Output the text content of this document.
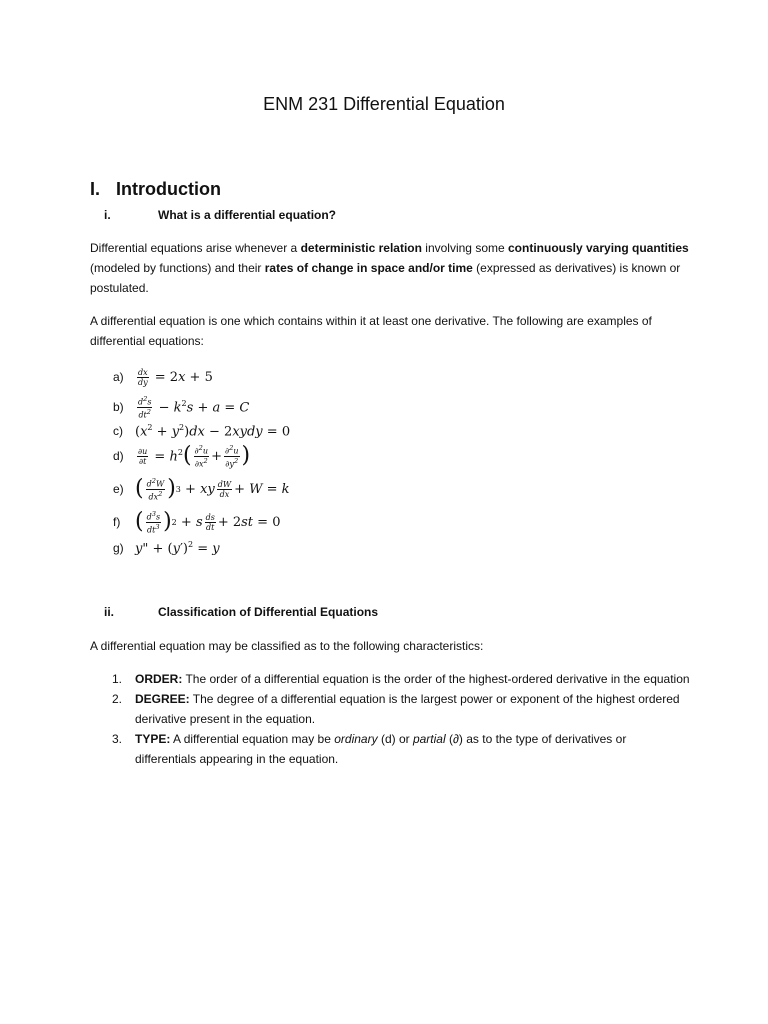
ENM 231 Differential Equation
I. Introduction
i.	What is a differential equation?
Differential equations arise whenever a deterministic relation involving some continuously varying quantities (modeled by functions) and their rates of change in space and/or time (expressed as derivatives) is known or postulated.
A differential equation is one which contains within it at least one derivative. The following are examples of differential equations:
a)	$\frac{dx}{dy} = 2x + 5$
b)	$\frac{d^2s}{dt^2} - k^2s + a = C$
c) $(x^2 + y^2)dx$ − 2xydy = 0
d)	$\frac{\partial u}{\partial t} = h^2$ ( $\frac{\partial^2u}{\partial x^2} + \frac{\partial^2u}{\partial y^2}$ )
e) ( $\frac{d^2W}{dx^2}$ ) 3 + xy $\frac{dW}{dx} + W = k$
f) ( $\frac{d^3s}{dt^3}$ ) 2 + s $\frac{ds}{dt} + 2st = 0$
g) y" + $(y')^2 = y$
ii.	Classification of Differential Equations
A differential equation may be classified as to the following characteristics:
1. ORDER: The order of a differential equation is the order of the highest-ordered derivative in the equation
2. DEGREE: The degree of a differential equation is the largest power or exponent of the highest ordered derivative present in the equation.
3. TYPE: A differential equation may be ordinary (d) or partial (∂) as to the type of derivatives or differentials appearing in the equation.
